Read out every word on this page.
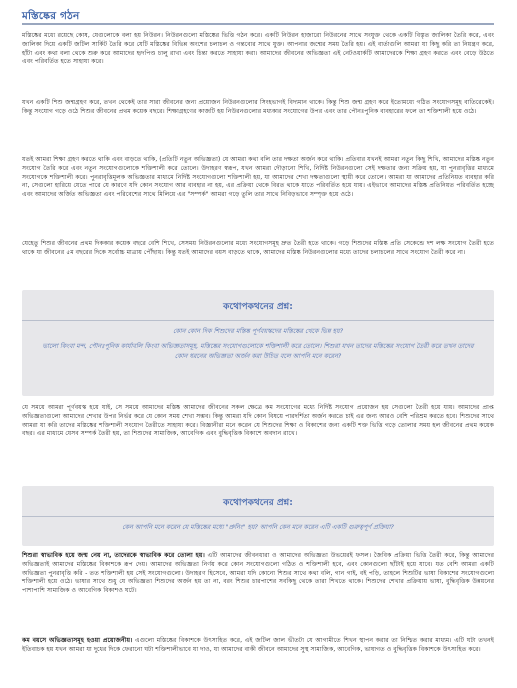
মস্তিষ্কের গঠন

মস্তিষ্কের মধ্যে রয়েছে কোষ, যেগুলোকে বলা হয় নিউরন। নিউরনগুলো মস্তিষ্কের ভিত্তি গঠন করে। একটি নিউরন হাজারো নিউরনের সাথে সংযুক্ত থেকে একটি বিস্তৃত জালিকা তৈরি করে, এবং জালিকা দিয়ে একটি জটিল সার্কিট তৈরি করে যেটি মস্তিষ্কের বিভিন্ন অংশের চলাচল ও গন্তব্যের সাথে যুক্ত। আপনার জন্মের সময় তৈরি হয়। এই বার্তাগুলি আমরা যা কিছু করি তা নিয়ন্ত্রণ করে, হাঁটা এবং কথা বলা থেকে শুরু করে আমাদের হৃদপিণ্ড চালু রাখা এবং চিন্তা করতে সাহায্য করা। আমাদের জীবনের অভিজ্ঞতা এই নেটওয়ার্কটি আমাদেরকে শিক্ষা গ্রহণ করতে এবং বেড়ে উঠতে এবং পরিবর্তিত হতে সাহায্য করে।

যখন একটি শিশু জন্মগ্রহণ করে, তখন থেকেই তার সারা জীবনের জন্য প্রয়োজন নিউরনগুলোর সিংহভাগই বিদ্যমান থাকে। কিন্তু শিশু জন্ম গ্রহণ করে ইতোমধ্যে গঠিত সংযোগসমূহ বাতিরেকেই। কিন্তু সংযোগ গড়ে ওঠে শিশুর জীবনের প্রথম কয়েক বছরে। শিক্ষাগ্রহণের কাজটি হয় নিউরনগুলোর মধ্যকার সংযোগের উপর এবং তার পৌনঃপুনিক ব্যবহারের ফলে তা শক্তিশালী হয়ে ওঠে।

যতই আমরা শিক্ষা গ্রহণ করতে থাকি এবং বাড়তে থাকি, (প্রতিটি নতুন অভিজ্ঞতা) যে আমরা কথা বলি তার দক্ষতা অর্জন করে থাকি। প্রতিবার যখনই আমরা নতুন কিছু শিখি, আমাদের মস্তিষ্ক নতুন সংযোগ তৈরি করে এবং নতুন সংযোগগুলোকে শক্তিশালী করে তোলে। উদাহরণ স্বরূপ, যখন আমরা দৌড়ানো শিখি, নির্দিষ্ট নিউরনগুলো সেই দক্ষতার জন্য সক্রিয় হয়, যা পুনরাবৃত্তির মাধ্যমে সংযোগকে শক্তিশালী করে। পুনরাবৃত্তিমূলক অভিজ্ঞতার মাধ্যমে নির্দিষ্ট সংযোগগুলো শক্তিশালী হয়, যা আমাদের শেখা দক্ষতাগুলো স্থায়ী করে তোলে। আমরা যা আমাদের প্রতিনিয়ত ব্যবহার করি না, সেগুলো হারিয়ে যেতে পারে যে কারণে যদি কোন সংযোগ আর ব্যবহার না হয়, এর প্রক্রিয়া থেকে বিরত থাকে যাতে পরিবর্তিত হয়ে যায়। এইভাবে আমাদের মস্তিষ্ক প্রতিনিয়ত পরিবর্তিত হচ্ছে এবং আমাদের অর্জিত অভিজ্ঞতা এবং পরিবেশের সাথে মিলিয়ে এর "সম্পর্ক" আমরা গড়ে তুলি তার সাথে নিবিড়ভাবে সম্পৃক্ত হয়ে ওঠে।

যেহেতু শিশুর জীবনের প্রথম দিককার কয়েক বছরে বেশি শিখে, সেসময় নিউরনগুলোর মধ্যে সংযোগসমূহ দ্রুত তৈরী হতে থাকে। গড়ে শিশুদের মস্তিষ্ক প্রতি সেকেন্ডে দশ লক্ষ সংযোগ তৈরী হতে থাকে যা জীবনের ৫ম বছরের দিকে সর্বোচ্চ মাত্রায় পৌঁছায়। কিন্তু যতই আমাদের বয়স বাড়তে থাকে, আমাদের মস্তিষ্ক নিউরনগুলোর মধ্যে তাদের চলাচলের সাথে সংযোগ তৈরী করে না।

কথোপকথনের প্রশ্ন:

কোন কোন দিক শিশুদের মস্তিষ্ক পূর্ণবয়স্কদের মস্তিষ্কের থেকে ভিন্ন হয়?

ভালো কিংবা মন্দ, পৌনঃপুনিক কার্যাবলি কিংবা অভিজ্ঞতাসমূহ, মস্তিষ্কের সংযোগগুলোকে শক্তিশালী করে তোলে। শিশুরা যখন তাদের মস্তিষ্কের সংযোগ তৈরী করে তখন তাদের কোন ধরনের অভিজ্ঞতা অর্জন করা উচিত বলে আপনি মনে করেন?

যে সময়ে আমরা পূর্ণবয়স্ক হয়ে যাই, সে সময়ে আমাদের মস্তিষ্ক আমাদের জীবনের সকল ক্ষেত্রে কম সংযোগের মধ্যে নির্দিষ্ট সংযোগ প্রয়োজন হয় সেগুলো তৈরী হয়ে যায়। আমাদের প্রাপ্ত অভিজ্ঞতাগুলো আমাদের শেখার উপর নির্ভর করে যে কোন সময় শেখা সম্ভব। কিন্তু আমরা যদি কোন বিষয়ে পারদর্শিতা অর্জন করতে চাই এর জন্য আরও বেশি পরিশ্রম করতে হবে। শিশুদের সাথে আমরা যা করি তাদের মস্তিষ্কের শক্তিশালী সংযোগ তৈরীতে সাহায্য করে। বিজ্ঞানীরা মনে করেন যে শিশুদের শিক্ষা ও বিকাশের জন্য একটি শক্ত ভিত্তি গড়ে তোলার সময় হল জীবনের প্রথম কয়েক বছর। এর মাধ্যমে যেসব সম্পর্ক তৈরী হয়, তা শিশুদের সামাজিক, আবেগিক এবং বুদ্ধিবৃত্তিক বিকাশে অবদান রাখে।

কথোপকথনের প্রশ্ন:

কেন আপনি মনে করেন যে মস্তিষ্কের মধ্যে "প্রুনিং" হয়? আপনি কেন মনে করেন এটি একটি গুরুত্বপূর্ণ প্রক্রিয়া?

শিশুরা স্বাভাবিক হয়ে জন্ম নেয় না, তাদেরকে স্বাভাবিক করে তোলা হয়। এটি আমাদের জীবনধারা ও আমাদের অভিজ্ঞতা উভয়েরই ফসল। জৈবিক প্রক্রিয়া ভিত্তি তৈরী করে, কিন্তু আমাদের অভিজ্ঞতাই আমাদের মস্তিষ্কের বিকাশকে রূপ দেয়। আমাদের অভিজ্ঞতা নির্ণয় করে কোন সংযোগগুলো গঠিত ও শক্তিশালী হবে, এবং কোনগুলো ছাঁটাই হয়ে যাবে। যত বেশি আমরা একটি অভিজ্ঞতা পুনরাবৃত্তি করি - তত শক্তিশালী হয় সেই সংযোগগুলো। উদাহরণ হিসেবে, আমরা যদি কোনো শিশুর সাথে কথা বলি, গান গাই, বই পড়ি, তাহলে শিশুটির ভাষা বিকাশের সংযোগগুলো শক্তিশালী হয়ে ওঠে। ভাষার সাথে শুধু যে অভিজ্ঞতা শিশুদের অর্জন হয় তা না, বরং শিশুর চারপাশের সবকিছু থেকে তারা শিখতে থাকে। শিশুদের শেখার প্রক্রিয়ায় ভাষা, বুদ্ধিবৃত্তিক উন্নয়নের পাশাপাশি সামাজিক ও আবেগিক বিকাশও ঘটে।

কম বয়সে অভিজ্ঞতাসমূহ হওয়া প্রয়োজনীয়। এগুলো মস্তিষ্কের বিকাশকে উৎসাহিত করে, এই জটিল জাল ভীতটা যে আগামীতে শিখন স্থাপন করার তা নিশ্চিত করার মাধ্যম। এটি ঘটা তখনই ইতিবাচক হয় যখন আমরা যা দুধের দিকে ফেরানো ঘটা শক্তিশালীভাবে যা দাও, যা আমাদের বাকী জীবনে আমাদের সুস্থ সামাজিক, আবেগিক, ভাষাগত ও বুদ্ধিবৃত্তিক বিকাশকে উৎসাহিত করে।
